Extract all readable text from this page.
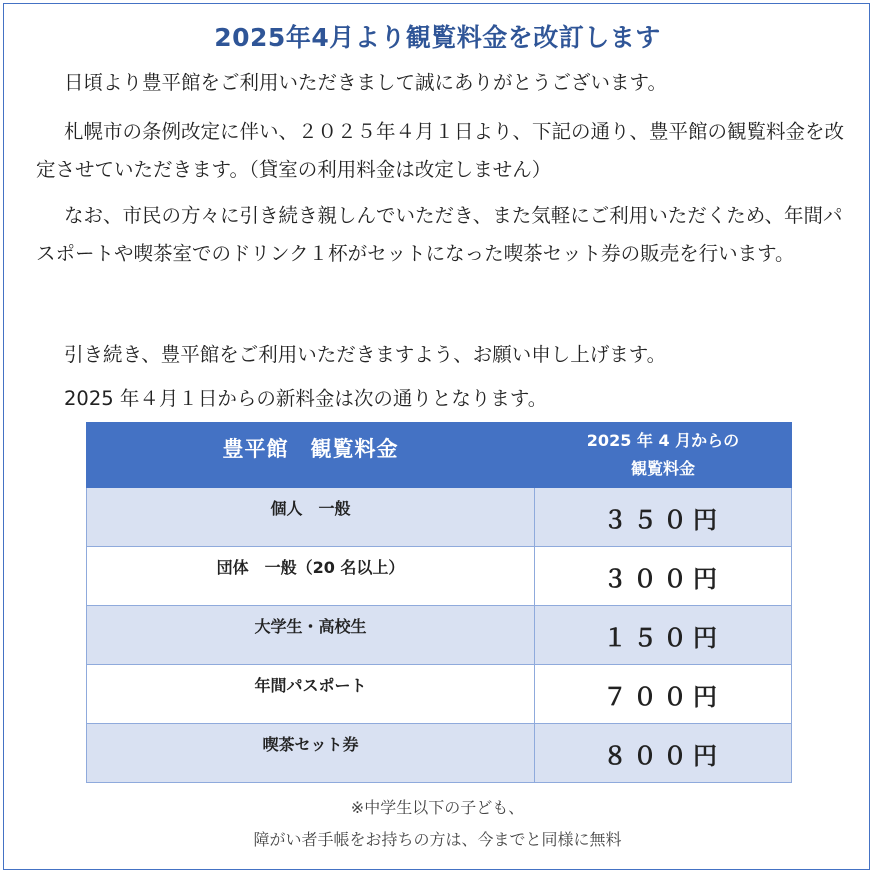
2025年4月より観覧料金を改訂します
日頃より豊平館をご利用いただきまして誠にありがとうございます。
札幌市の条例改定に伴い、２０２５年４月１日より、下記の通り、豊平館の観覧料金を改定させていただきます。（貸室の利用料金は改定しません）
なお、市民の方々に引き続き親しんでいただき、また気軽にご利用いただくため、年間パスポートや喫茶室でのドリンク１杯がセットになった喫茶セット券の販売を行います。
引き続き、豊平館をご利用いただきますよう、お願い申し上げます。
2025 年４月１日からの新料金は次の通りとなります。
豊平館　観覧料金	2025 年 4 月からの
観覧料金

個人　一般	３５０円
団体　一般（20 名以上）	３００円
大学生・高校生	１５０円
年間パスポート	７００円
喫茶セット券	８００円
※中学生以下の子ども、
障がい者手帳をお持ちの方は、今までと同様に無料
